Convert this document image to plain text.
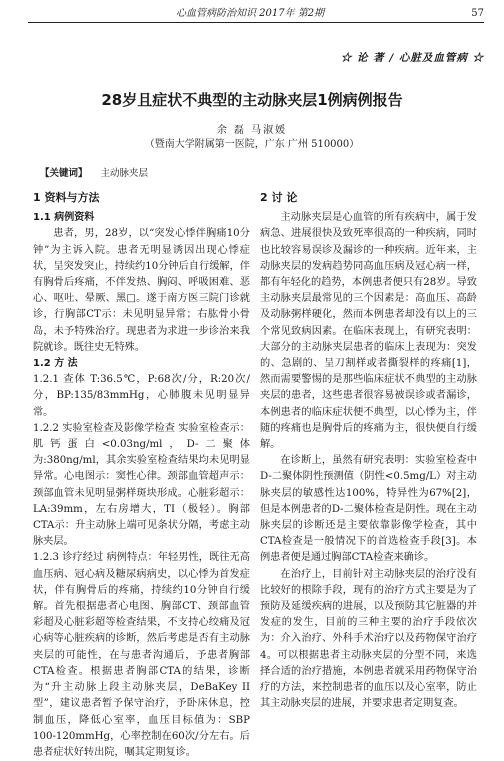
心血管病防治知识 2017年 第2期	57
☆ 论 著 / 心脏及血管病 ☆
28岁且症状不典型的主动脉夹层1例病例报告
余 磊 马淑媛
（暨南大学附属第一医院，广东 广州 510000）
【关键词】 主动脉夹层
1 资料与方法
1.1 病例资料

患者，男，28岁，以“突发心悸伴胸痛10分钟”为主诉入院。患者无明显诱因出现心悸症状，呈突发突止，持续约10分钟后自行缓解，伴有胸骨后疼痛，不伴发热、胸闷、呼吸困难、恶心、呕吐、晕厥、黑□。遂于南方医三院门诊就诊，行胸部CT示：未见明显异常；右肱骨小骨岛，未予特殊治疗。现患者为求进一步诊治来我院就诊。既往史无特殊。

1.2 方 法

1.2.1 查体 T:36.5℃，P:68次/分，R:20次/分，BP:135/83mmHg，心肺腹未见明显异常。

1.2.2 实验室检查及影像学检查 实验室检查示：肌钙蛋白<0.03ng/ml，D-二聚体为:380ng/ml，其余实验室检查结果均未见明显异常。心电图示：窦性心律。颈部血管超声示：颈部血管未见明显粥样斑块形成。心脏彩超示：LA:39mm，左右房增大，TI（极轻）。胸部CTA示：升主动脉上端可见条状分隔，考虑主动脉夹层。

1.2.3 诊疗经过 病例特点：年轻男性，既往无高血压病、冠心病及糖尿病病史，以心悸为首发症状，伴有胸骨后的疼痛，持续约10分钟自行缓解。首先根据患者心电图、胸部CT、颈部血管彩超及心脏彩超等检查结果，不支持心绞痛及冠心病等心脏疾病的诊断，然后考虑是否有主动脉夹层的可能性，在与患者沟通后，予患者胸部CTA检查。根据患者胸部CTA的结果，诊断为“升主动脉上段主动脉夹层，DeBaKey II型”，建议患者暂予保守治疗，予卧床休息，控制血压，降低心室率，血压目标值为：SBP 100-120mmHg，心率控制在60次/分左右。后患者症状好转出院，嘱其定期复诊。

2 讨 论

主动脉夹层是心血管的所有疾病中，属于发病急、进展很快及致死率很高的一种疾病，同时也比较容易误诊及漏诊的一种疾病。近年来，主动脉夹层的发病趋势同高血压病及冠心病一样，都有年轻化的趋势，本例患者便只有28岁。导致主动脉夹层最常见的三个因素是：高血压、高龄及动脉粥样硬化，然而本例患者却没有以上的三个常见致病因素。在临床表现上，有研究表明：大部分的主动脉夹层患者的临床上表现为：突发的、急剧的、呈刀割样或者撕裂样的疼痛[1]，然而需要警惕的是那些临床症状不典型的主动脉夹层的患者，这些患者很容易被误诊或者漏诊，本例患者的临床症状便不典型，以心悸为主，伴随的疼痛也是胸骨后的疼痛为主，很快便自行缓解。

在诊断上，虽然有研究表明：实验室检查中D-二聚体阴性预测值（阴性<0.5mg/L）对主动脉夹层的敏感性达100%，特异性为67%[2]，但是本例患者的D-二聚体检查是阴性。现在主动脉夹层的诊断还是主要依靠影像学检查，其中CTA检查是一般情况下的首选检查手段[3]。本例患者便是通过胸部CTA检查来确诊。

在治疗上，目前针对主动脉夹层的治疗没有比较好的根除手段，现有的治疗方式主要是为了预防及延缓疾病的进展，以及预防其它脏器的并发症的发生，目前的三种主要的治疗手段依次为：介入治疗、外科手术治疗以及药物保守治疗4。可以根据患者主动脉夹层的分型不同，来选择合适的治疗措施，本例患者就采用药物保守治疗的方法，来控制患者的血压以及心室率，防止其主动脉夹层的进展，并要求患者定期复查。
